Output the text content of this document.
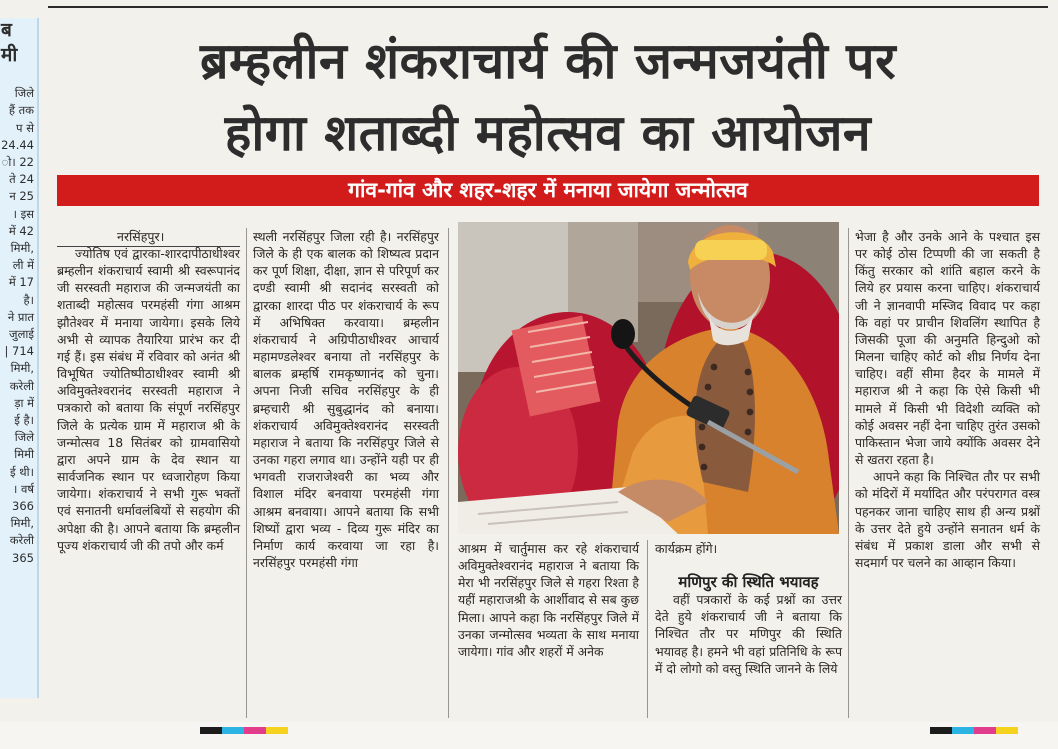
ब
मी

जिले
हैं तक
प से
24.44
ो। 22
ते 24
न 25
। इस
में 42
मिमी,
ली में
में 17
है।
ने प्रात
जुलाई
| 714
मिमी,
करेली
ड़ा में
ई है।
जिले
मिमी
ई थी।
। वर्ष
366
मिमी,
करेली
365
ब्रम्हलीन शंकराचार्य की जन्मजयंती पर
होगा शताब्दी महोत्सव का आयोजन
गांव-गांव और शहर-शहर में मनाया जायेगा जन्मोत्सव
नरसिंहपुर।

ज्योतिष एवं द्वारका-शारदापीठाधीश्वर ब्रम्हलीन शंकराचार्य स्वामी श्री स्वरूपानंद जी सरस्वती महाराज की जन्मजयंती का शताब्दी महोत्सव परमहंसी गंगा आश्रम झौतेश्वर में मनाया जायेगा। इसके लिये अभी से व्यापक तैयारिया प्रारंभ कर दी गई हैं। इस संबंध में रविवार को अनंत श्री विभूषित ज्योतिष्पीठाधीश्वर स्वामी श्री अविमुक्तेश्वरानंद सरस्वती महाराज ने पत्रकारो को बताया कि संपूर्ण नरसिंहपुर जिले के प्रत्येक ग्राम में महाराज श्री के जन्मोत्सव 18 सितंबर को ग्रामवासियो द्वारा अपने ग्राम के देव स्थान या सार्वजनिक स्थान पर ध्वजारोहण किया जायेगा। शंकराचार्य ने सभी गुरू भक्तों एवं सनातनी धर्मावलंबियों से सहयोग की अपेक्षा की है। आपने बताया कि ब्रम्हलीन पूज्य शंकराचार्य जी की तपो और कर्म

स्थली नरसिंहपुर जिला रही है। नरसिंहपुर जिले के ही एक बालक को शिष्यत्व प्रदान कर पूर्ण शिक्षा, दीक्षा, ज्ञान से परिपूर्ण कर दण्डी स्वामी श्री सदानंद सरस्वती को द्वारका शारदा पीठ पर शंकराचार्य के रूप में अभिषिक्त करवाया। ब्रम्हलीन शंकराचार्य ने अग्रिपीठाधीश्वर आचार्य महामण्डलेश्वर बनाया तो नरसिंहपुर के बालक ब्रम्हर्षि रामकृष्णानंद को चुना। अपना निजी सचिव नरसिंहपुर के ही ब्रम्हचारी श्री सुबुद्धानंद को बनाया। शंकराचार्य अविमुक्तेश्वरानंद सरस्वती महाराज ने बताया कि नरसिंहपुर जिले से उनका गहरा लगाव था। उन्होंने यही पर ही भगवती राजराजेश्वरी का भव्य और विशाल मंदिर बनवाया परमहंसी गंगा आश्रम बनवाया। आपने बताया कि सभी शिष्यों द्वारा भव्य - दिव्य गुरू मंदिर का निर्माण कार्य करवाया जा रहा है। नरसिंहपुर परमहंसी गंगा

आश्रम में चार्तुमास कर रहे शंकराचार्य अविमुक्तेश्वरानंद महाराज ने बताया कि मेरा भी नरसिंहपुर जिले से गहरा रिश्ता है यहीं महाराजश्री के आर्शीवाद से सब कुछ मिला। आपने कहा कि नरसिंहपुर जिले में उनका जन्मोत्सव भव्यता के साथ मनाया जायेगा। गांव और शहरों में अनेक

कार्यक्रम होंगे।

वहीं पत्रकारों के कई प्रश्नों का उत्तर देते हुये शंकराचार्य जी ने बताया कि निश्चित तौर पर मणिपुर की स्थिति भयावह है। हमने भी वहां प्रतिनिधि के रूप में दो लोगो को वस्तु स्थिति जानने के लिये

मणिपुर की स्थिति भयावह

भेजा है और उनके आने के पश्चात इस पर कोई ठोस टिप्पणी की जा सकती है किंतु सरकार को शांति बहाल करने के लिये हर प्रयास करना चाहिए। शंकराचार्य जी ने ज्ञानवापी मस्जिद विवाद पर कहा कि वहां पर प्राचीन शिवलिंग स्थापित है जिसकी पूजा की अनुमति हिन्दुओ को मिलना चाहिए कोर्ट को शीघ्र निर्णय देना चाहिए। वहीं सीमा हैदर के मामले में महाराज श्री ने कहा कि ऐसे किसी भी मामले में किसी भी विदेशी व्यक्ति को कोई अवसर नहीं देना चाहिए तुरंत उसको पाकिस्तान भेजा जाये क्योंकि अवसर देने से खतरा रहता है।

आपने कहा कि निश्चित तौर पर सभी को मंदिरों में मर्यादित और परंपरागत वस्त्र पहनकर जाना चाहिए साथ ही अन्य प्रश्नों के उत्तर देते हुये उन्होंने सनातन धर्म के संबंध में प्रकाश डाला और सभी से सदमार्ग पर चलने का आव्हान किया।
